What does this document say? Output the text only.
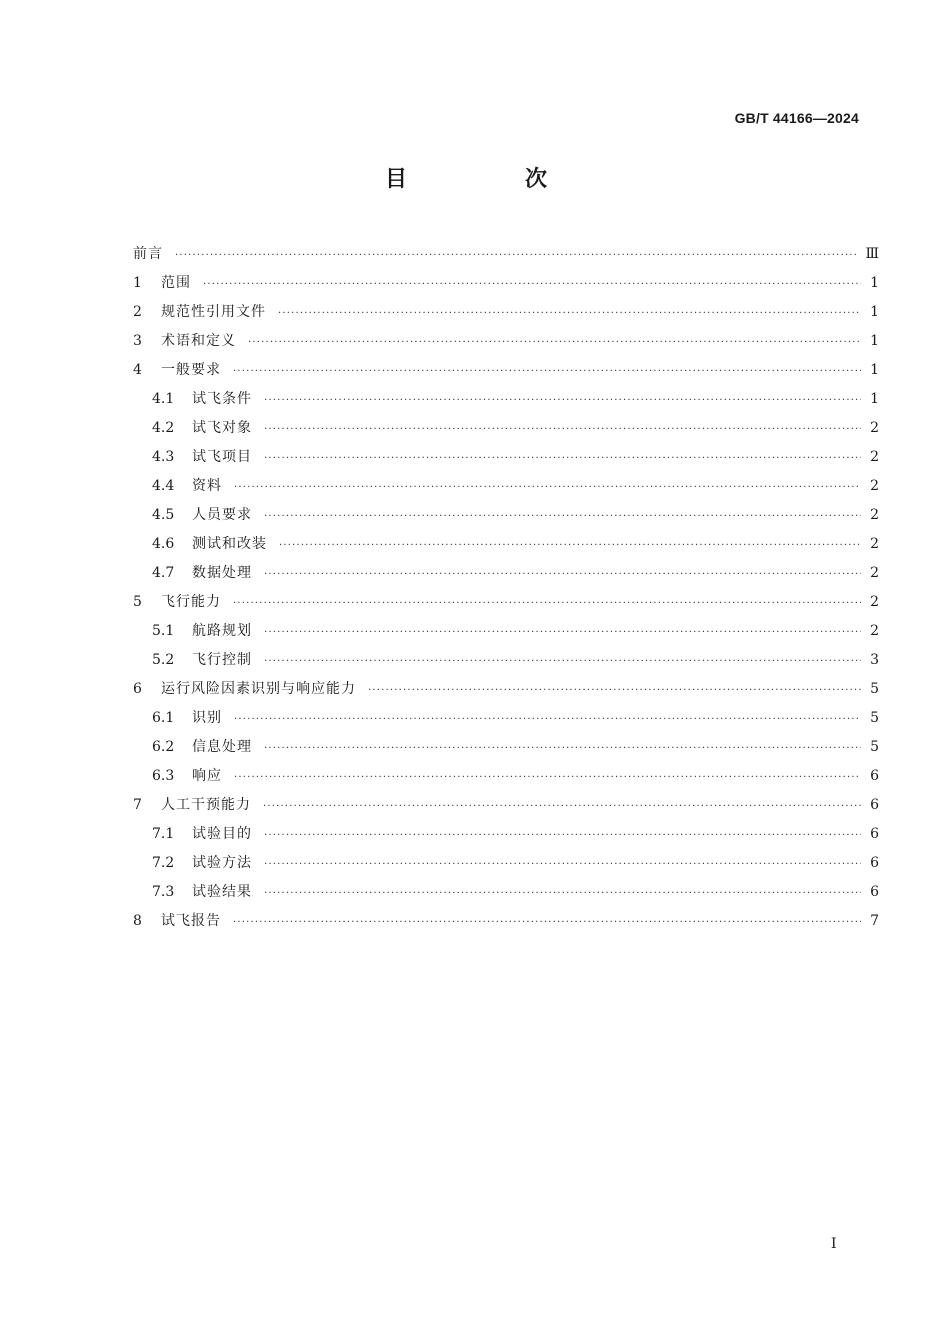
GB/T 44166—2024
目　次
前言 ·····	Ⅲ
1	范围 ·····	1
2	规范性引用文件 ·····	1
3	术语和定义 ·····	1
4	一般要求 ·····	1
4.1	试飞条件 ·····	1
4.2	试飞对象 ·····	2
4.3	试飞项目 ·····	2
4.4	资料 ·····	2
4.5	人员要求 ·····	2
4.6	测试和改装 ·····	2
4.7	数据处理 ·····	2
5	飞行能力 ·····	2
5.1	航路规划 ·····	2
5.2	飞行控制 ·····	3
6	运行风险因素识别与响应能力 ·····	5
6.1	识别 ·····	5
6.2	信息处理 ·····	5
6.3	响应 ·····	6
7	人工干预能力 ·····	6
7.1	试验目的 ·····	6
7.2	试验方法 ·····	6
7.3	试验结果 ·····	6
8	试飞报告 ·····	7
Ⅰ
